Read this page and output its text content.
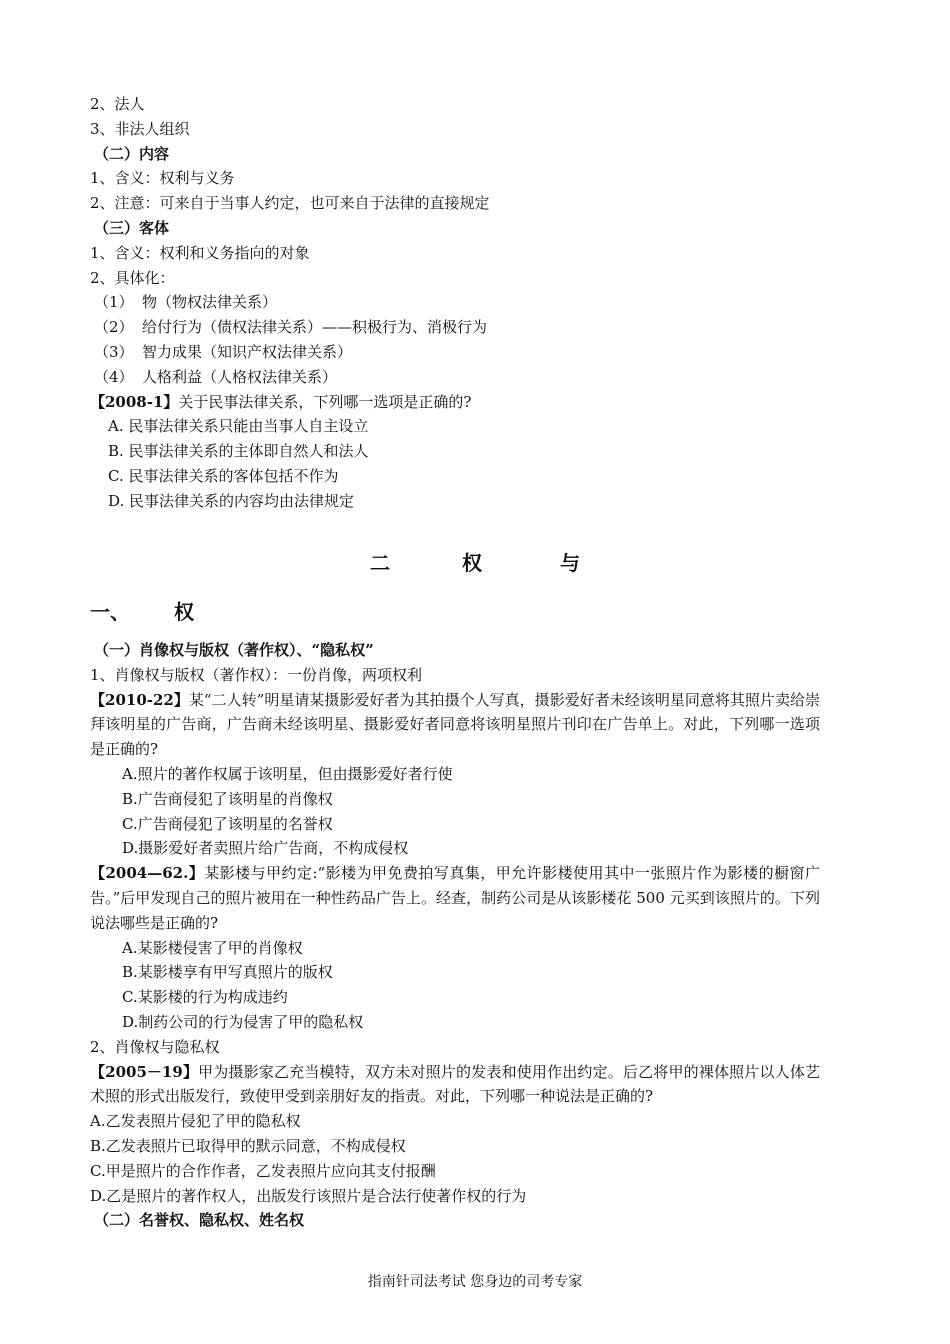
2、法人
3、非法人组织
（二）内容
1、含义：权利与义务
2、注意：可来自于当事人约定，也可来自于法律的直接规定
（三）客体
1、含义：权利和义务指向的对象
2、具体化：
（1） 物（物权法律关系）
（2） 给付行为（债权法律关系）——积极行为、消极行为
（3） 智力成果（知识产权法律关系）
（4） 人格利益（人格权法律关系）
【2008-1】关于民事法律关系，下列哪一选项是正确的?
A. 民事法律关系只能由当事人自主设立
B. 民事法律关系的主体即自然人和法人
C. 民事法律关系的客体包括不作为
D. 民事法律关系的内容均由法律规定
二	权	与
一、 权
（一）肖像权与版权（著作权）、“隐私权”
1、肖像权与版权（著作权）：一份肖像，两项权利
【2010-22】某“二人转”明星请某摄影爱好者为其拍摄个人写真，摄影爱好者未经该明星同意将其照片卖给崇拜该明星的广告商，广告商未经该明星、摄影爱好者同意将该明星照片刊印在广告单上。对此，下列哪一选项是正确的?
A.照片的著作权属于该明星，但由摄影爱好者行使
B.广告商侵犯了该明星的肖像权
C.广告商侵犯了该明星的名誉权
D.摄影爱好者卖照片给广告商，不构成侵权
【2004—62.】某影楼与甲约定:“影楼为甲免费拍写真集，甲允许影楼使用其中一张照片作为影楼的橱窗广告。”后甲发现自己的照片被用在一种性药品广告上。经查，制药公司是从该影楼花 500 元买到该照片的。下列说法哪些是正确的?
A.某影楼侵害了甲的肖像权
B.某影楼享有甲写真照片的版权
C.某影楼的行为构成违约
D.制药公司的行为侵害了甲的隐私权
2、肖像权与隐私权
【2005－19】甲为摄影家乙充当模特，双方未对照片的发表和使用作出约定。后乙将甲的裸体照片以人体艺术照的形式出版发行，致使甲受到亲朋好友的指责。对此，下列哪一种说法是正确的?
A.乙发表照片侵犯了甲的隐私权
B.乙发表照片已取得甲的默示同意，不构成侵权
C.甲是照片的合作作者，乙发表照片应向其支付报酬
D.乙是照片的著作权人，出版发行该照片是合法行使著作权的行为
（二）名誉权、隐私权、姓名权
指南针司法考试 您身边的司考专家
